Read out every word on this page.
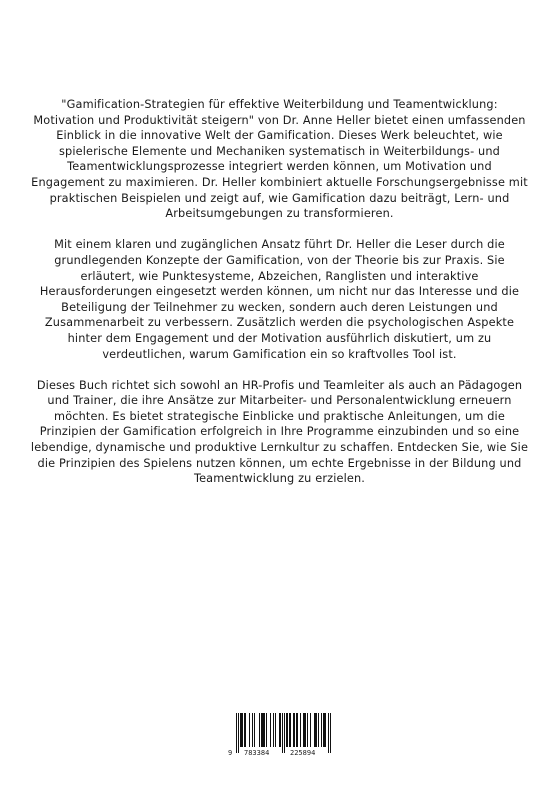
"Gamification-Strategien für effektive Weiterbildung und Teamentwicklung: Motivation und Produktivität steigern" von Dr. Anne Heller bietet einen umfassenden Einblick in die innovative Welt der Gamification. Dieses Werk beleuchtet, wie spielerische Elemente und Mechaniken systematisch in Weiterbildungs- und Teamentwicklungsprozesse integriert werden können, um Motivation und Engagement zu maximieren. Dr. Heller kombiniert aktuelle Forschungsergebnisse mit praktischen Beispielen und zeigt auf, wie Gamification dazu beiträgt, Lern- und Arbeitsumgebungen zu transformieren.

Mit einem klaren und zugänglichen Ansatz führt Dr. Heller die Leser durch die grundlegenden Konzepte der Gamification, von der Theorie bis zur Praxis. Sie erläutert, wie Punktesysteme, Abzeichen, Ranglisten und interaktive Herausforderungen eingesetzt werden können, um nicht nur das Interesse und die Beteiligung der Teilnehmer zu wecken, sondern auch deren Leistungen und Zusammenarbeit zu verbessern. Zusätzlich werden die psychologischen Aspekte hinter dem Engagement und der Motivation ausführlich diskutiert, um zu verdeutlichen, warum Gamification ein so kraftvolles Tool ist.

Dieses Buch richtet sich sowohl an HR-Profis und Teamleiter als auch an Pädagogen und Trainer, die ihre Ansätze zur Mitarbeiter- und Personalentwicklung erneuern möchten. Es bietet strategische Einblicke und praktische Anleitungen, um die Prinzipien der Gamification erfolgreich in Ihre Programme einzubinden und so eine lebendige, dynamische und produktive Lernkultur zu schaffen. Entdecken Sie, wie Sie die Prinzipien des Spielens nutzen können, um echte Ergebnisse in der Bildung und Teamentwicklung zu erzielen.

9 783384	225894
